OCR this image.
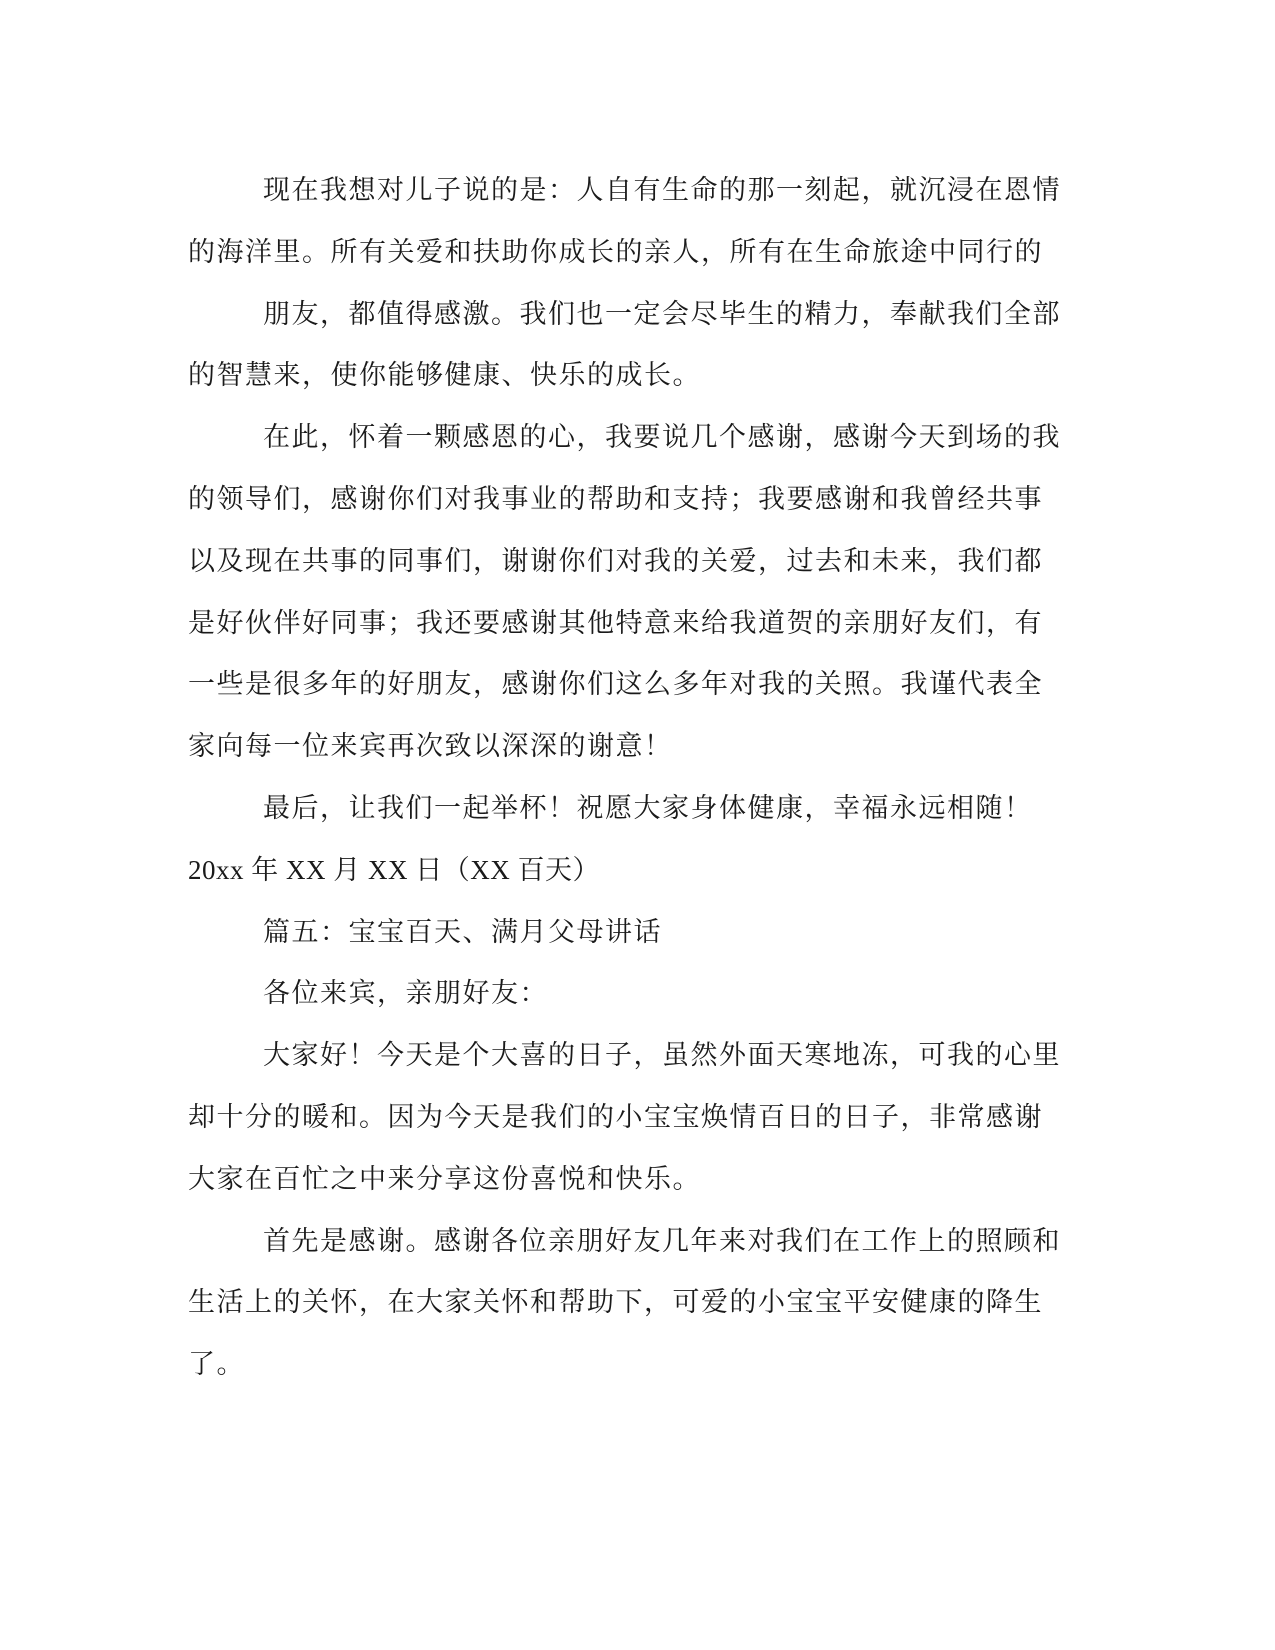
现在我想对儿子说的是：人自有生命的那一刻起，就沉浸在恩情
的海洋里。所有关爱和扶助你成长的亲人，所有在生命旅途中同行的
朋友，都值得感激。我们也一定会尽毕生的精力，奉献我们全部
的智慧来，使你能够健康、快乐的成长。
在此，怀着一颗感恩的心，我要说几个感谢，感谢今天到场的我
的领导们，感谢你们对我事业的帮助和支持；我要感谢和我曾经共事
以及现在共事的同事们，谢谢你们对我的关爱，过去和未来，我们都
是好伙伴好同事；我还要感谢其他特意来给我道贺的亲朋好友们，有
一些是很多年的好朋友，感谢你们这么多年对我的关照。我谨代表全
家向每一位来宾再次致以深深的谢意！
最后，让我们一起举杯！祝愿大家身体健康，幸福永远相随！
20xx 年 XX 月 XX 日（XX 百天）
篇五：宝宝百天、满月父母讲话
各位来宾，亲朋好友：
大家好！今天是个大喜的日子，虽然外面天寒地冻，可我的心里
却十分的暖和。因为今天是我们的小宝宝焕情百日的日子，非常感谢
大家在百忙之中来分享这份喜悦和快乐。
首先是感谢。感谢各位亲朋好友几年来对我们在工作上的照顾和
生活上的关怀，在大家关怀和帮助下，可爱的小宝宝平安健康的降生
了。
